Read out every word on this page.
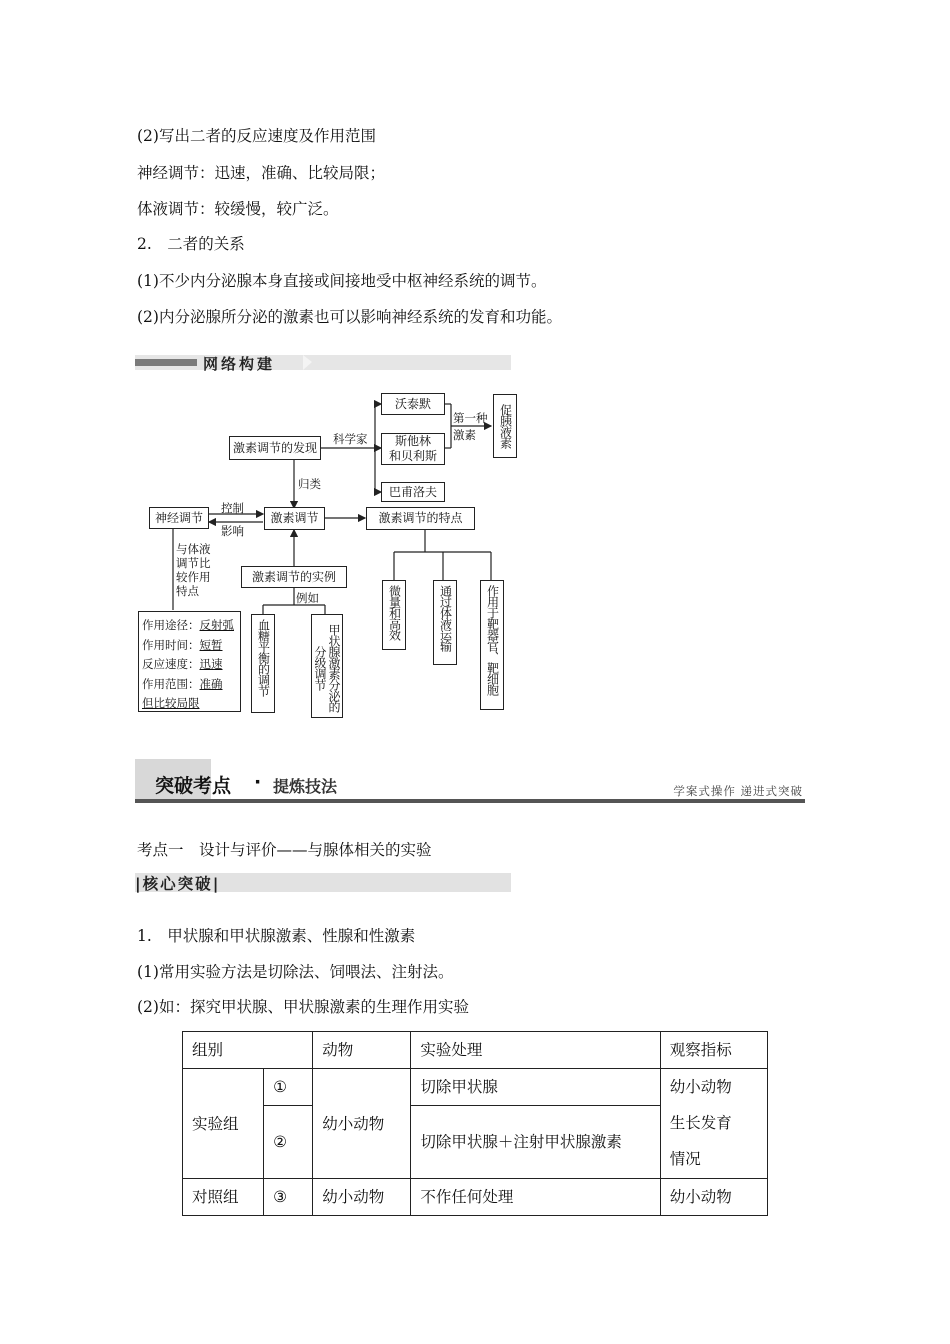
(2)写出二者的反应速度及作用范围
神经调节：迅速，准确、比较局限；
体液调节：较缓慢，较广泛。
2.　二者的关系
(1)不少内分泌腺本身直接或间接地受中枢神经系统的调节。
(2)内分泌腺所分泌的激素也可以影响神经系统的发育和功能。
网络构建
激素调节的发现
科学家
沃泰默
斯他林
和贝利斯
巴甫洛夫
第一种
激素	促胰液素
归类
神经调节
控制
影响
激素调节	激素调节的特点
与体液
调节比
较作用
特点
激素调节的实例
例如
血糖平衡的调节	甲状腺激素分泌的分级调节
微量和高效	通过体液运输	作用于靶器官、靶细胞
作用途径：反射弧
作用时间：短暂
反应速度：迅速
作用范围：准确
但比较局限
突破考点 · 提炼技法	学案式操作 递进式突破
考点一　设计与评价——与腺体相关的实验
|核心突破|
1.　甲状腺和甲状腺激素、性腺和性激素
(1)常用实验方法是切除法、饲喂法、注射法。
(2)如：探究甲状腺、甲状腺激素的生理作用实验
组别		动物	实验处理	观察指标
实验组	①	幼小动物	切除甲状腺	幼小动物
生长发育
情况

	②		切除甲状腺＋注射甲状腺激素	
对照组	③	幼小动物	不作任何处理	幼小动物
